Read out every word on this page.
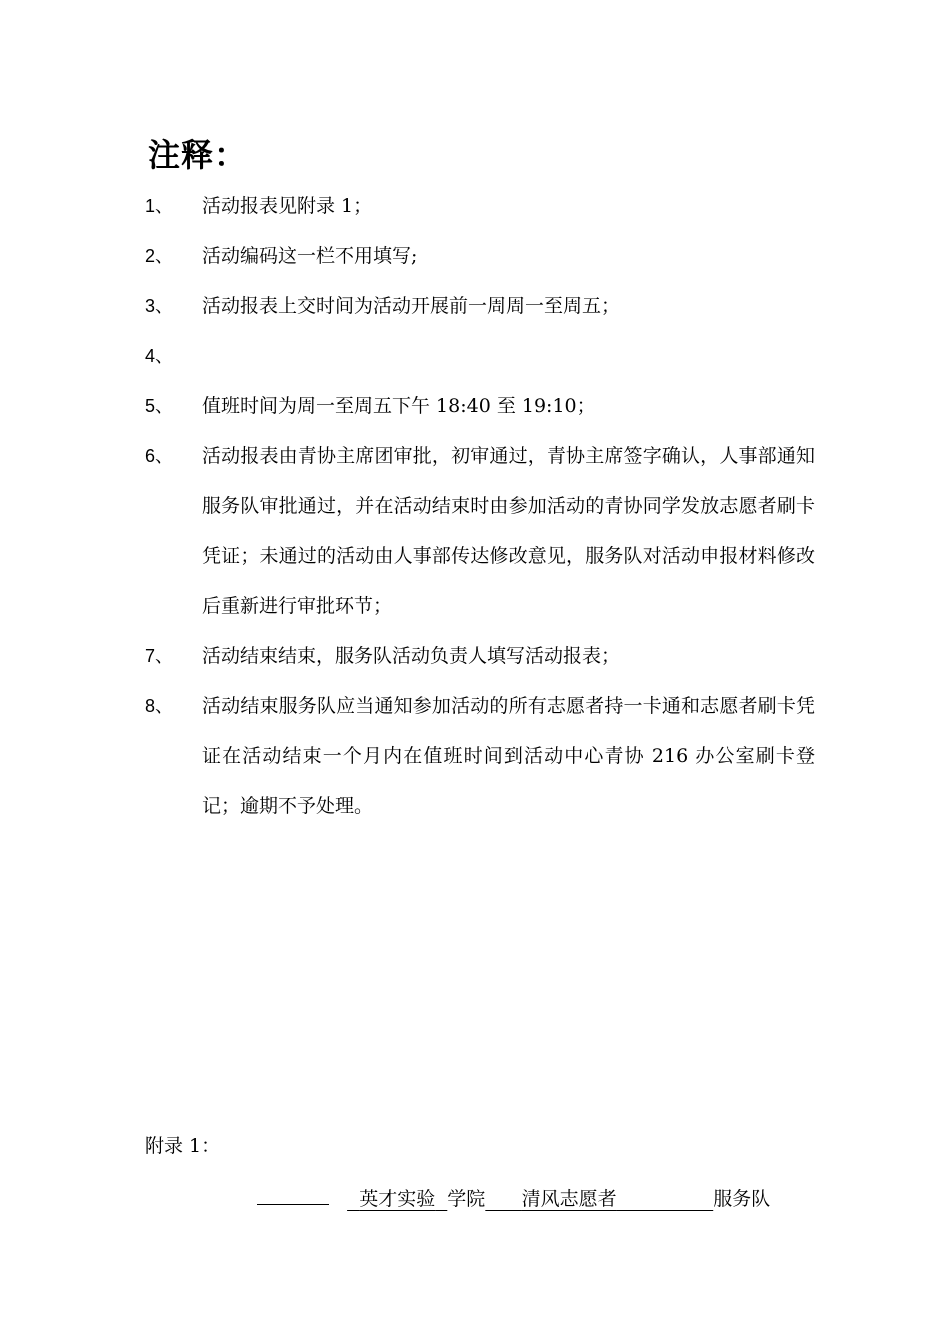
注释：
1、 活动报表见附录 1；
2、 活动编码这一栏不用填写;
3、 活动报表上交时间为活动开展前一周周一至周五；
4、
5、 值班时间为周一至周五下午 18:40 至 19:10；
6、 活动报表由青协主席团审批，初审通过，青协主席签字确认，人事部通知服务队审批通过，并在活动结束时由参加活动的青协同学发放志愿者刷卡凭证；未通过的活动由人事部传达修改意见，服务队对活动申报材料修改后重新进行审批环节；
7、 活动结束结束，服务队活动负责人填写活动报表；
8、 活动结束服务队应当通知参加活动的所有志愿者持一卡通和志愿者刷卡凭证在活动结束一个月内在值班时间到活动中心青协 216 办公室刷卡登记；逾期不予处理。
附录 1：
英才实验 学院 清风志愿者	服务队
